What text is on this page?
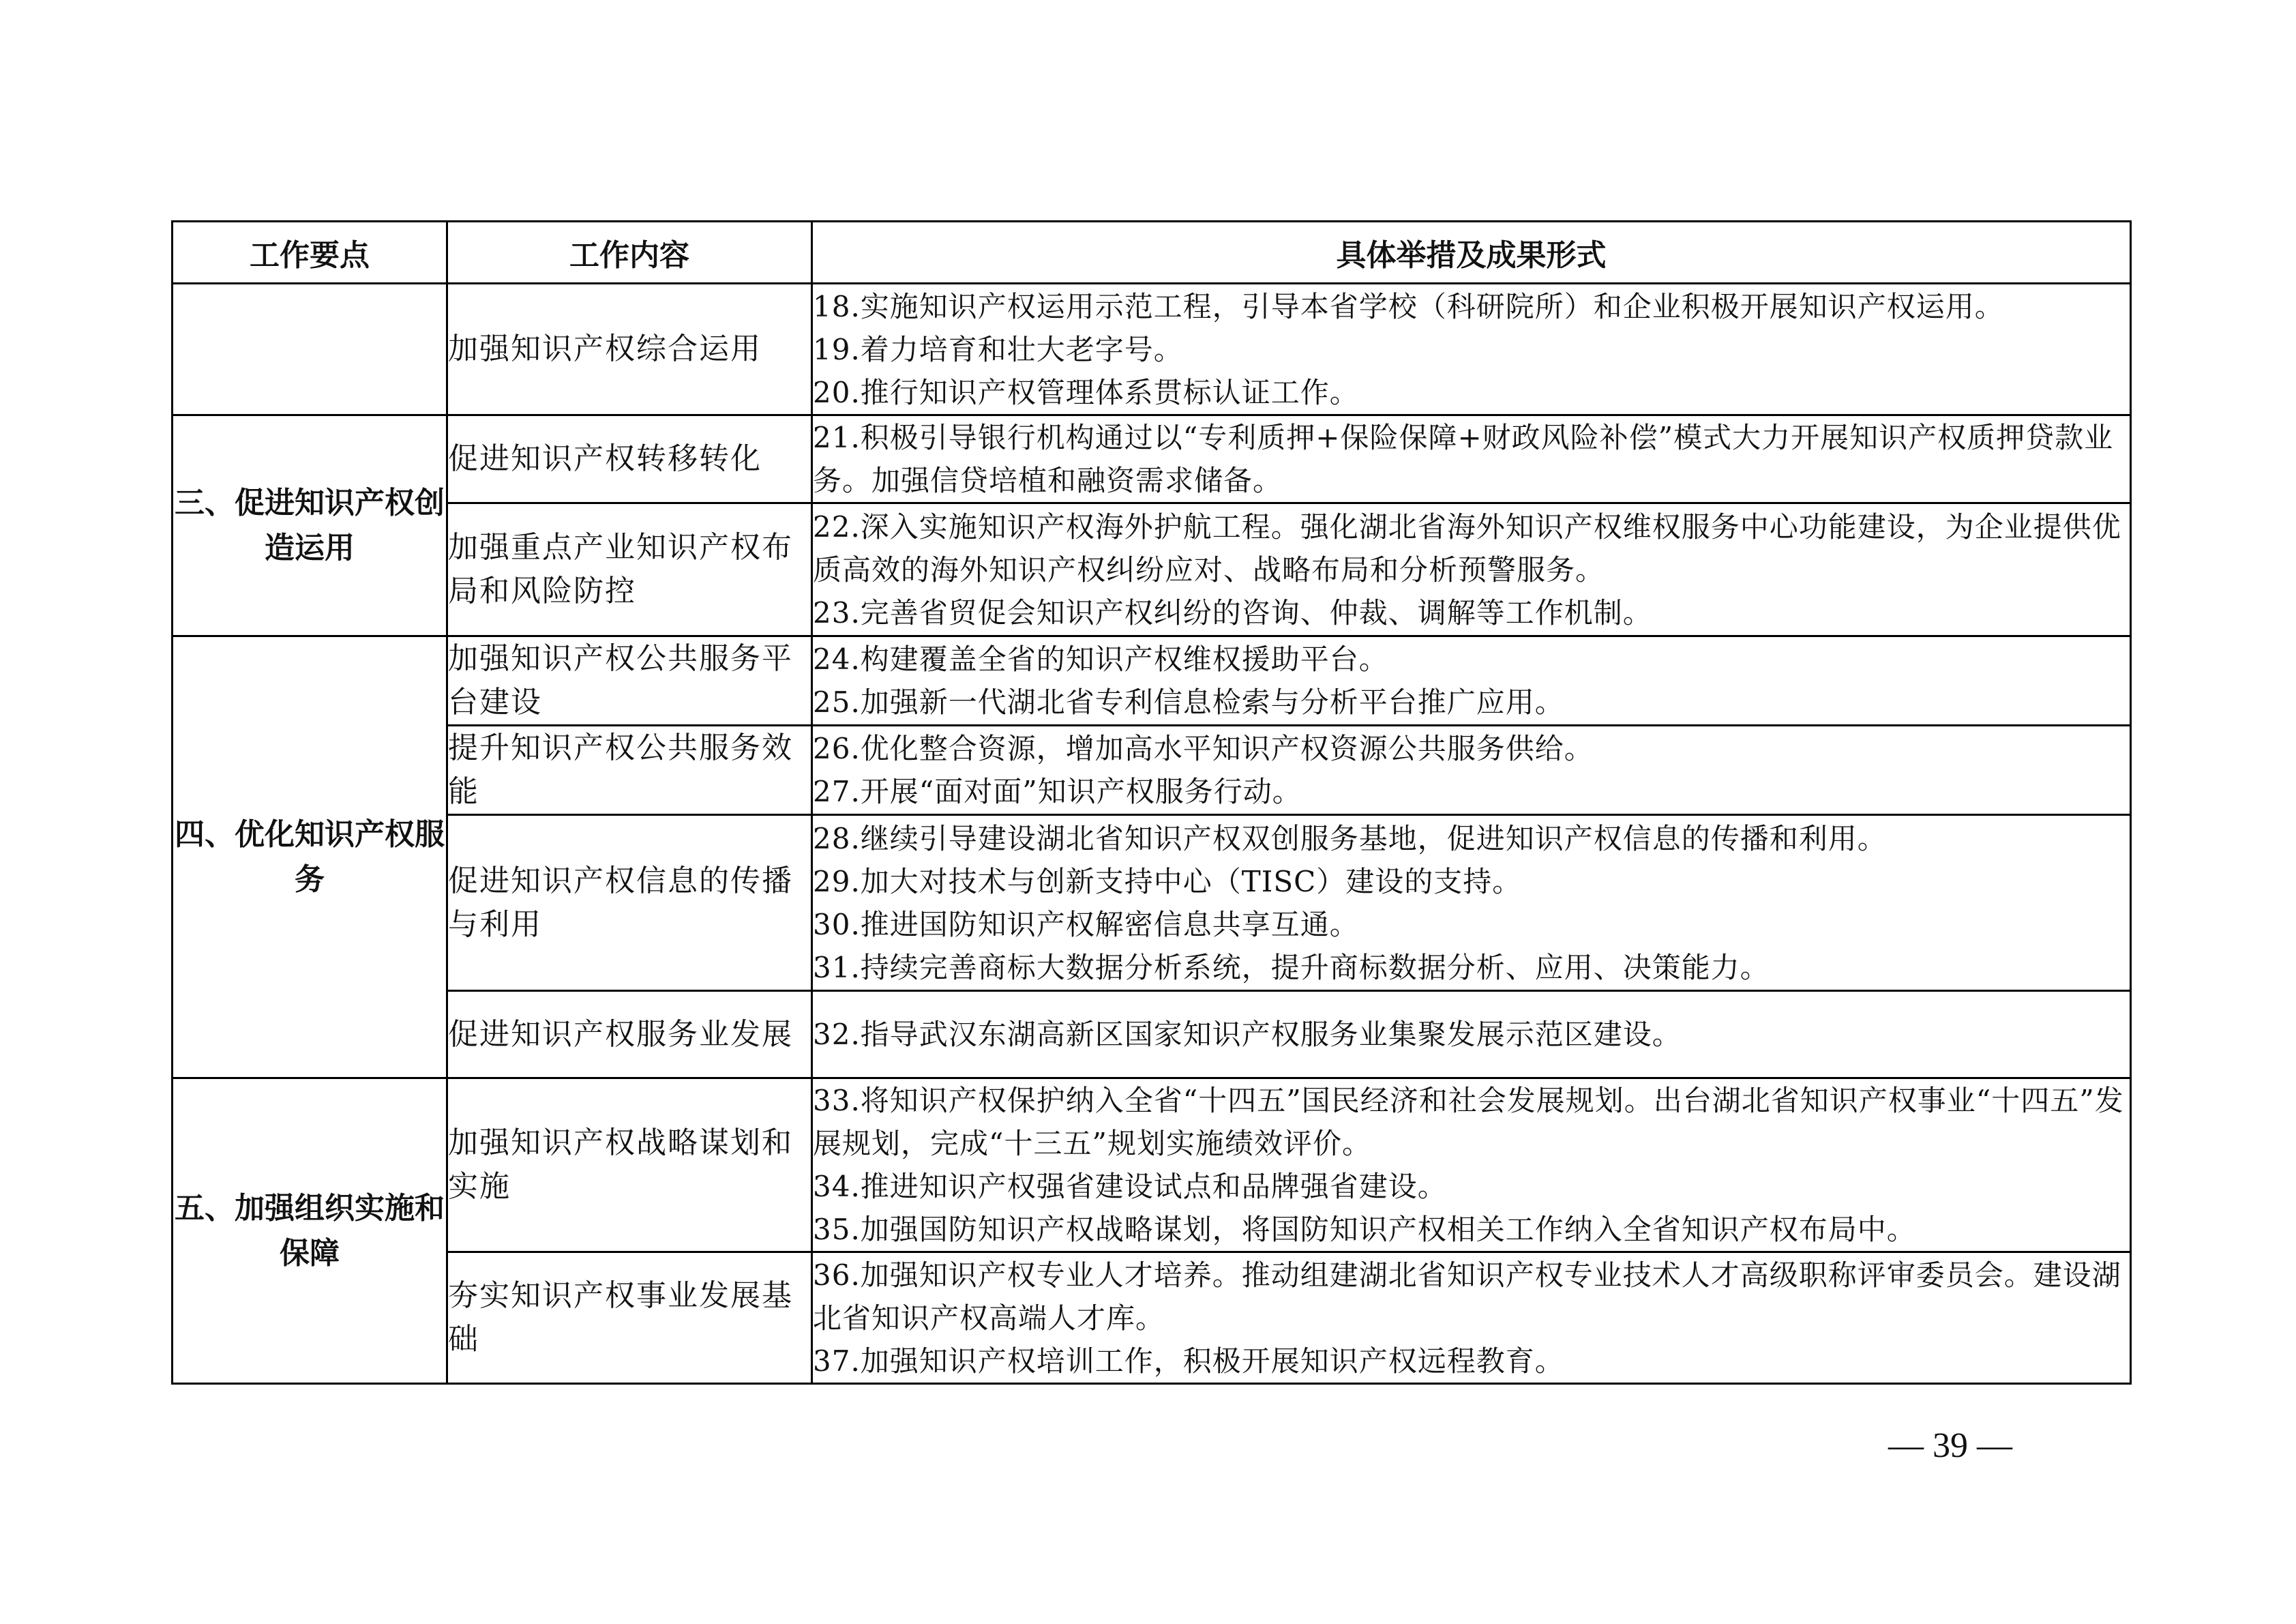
工作要点	工作内容	具体举措及成果形式
	加强知识产权综合运用	18.实施知识产权运用示范工程，引导本省学校（科研院所）和企业积极开展知识产权运用。
19.着力培育和壮大老字号。
20.推行知识产权管理体系贯标认证工作。

三、促进知识产权创造运用	促进知识产权转移转化	21.积极引导银行机构通过以“专利质押+保险保障+财政风险补偿”模式大力开展知识产权质押贷款业务。加强信贷培植和融资需求储备。

	加强重点产业知识产权布局和风险防控	22.深入实施知识产权海外护航工程。强化湖北省海外知识产权维权服务中心功能建设，为企业提供优质高效的海外知识产权纠纷应对、战略布局和分析预警服务。
23.完善省贸促会知识产权纠纷的咨询、仲裁、调解等工作机制。

四、优化知识产权服务	加强知识产权公共服务平台建设	24.构建覆盖全省的知识产权维权援助平台。
25.加强新一代湖北省专利信息检索与分析平台推广应用。

	提升知识产权公共服务效能	26.优化整合资源，增加高水平知识产权资源公共服务供给。
27.开展“面对面”知识产权服务行动。

	促进知识产权信息的传播与利用	28.继续引导建设湖北省知识产权双创服务基地，促进知识产权信息的传播和利用。
29.加大对技术与创新支持中心（TISC）建设的支持。
30.推进国防知识产权解密信息共享互通。
31.持续完善商标大数据分析系统，提升商标数据分析、应用、决策能力。

	促进知识产权服务业发展	32.指导武汉东湖高新区国家知识产权服务业集聚发展示范区建设。

五、加强组织实施和保障	加强知识产权战略谋划和实施	33.将知识产权保护纳入全省“十四五”国民经济和社会发展规划。出台湖北省知识产权事业“十四五”发展规划，完成“十三五”规划实施绩效评价。
34.推进知识产权强省建设试点和品牌强省建设。
35.加强国防知识产权战略谋划，将国防知识产权相关工作纳入全省知识产权布局中。

	夯实知识产权事业发展基础	36.加强知识产权专业人才培养。推动组建湖北省知识产权专业技术人才高级职称评审委员会。建设湖北省知识产权高端人才库。
37.加强知识产权培训工作，积极开展知识产权远程教育。
— 39 —
